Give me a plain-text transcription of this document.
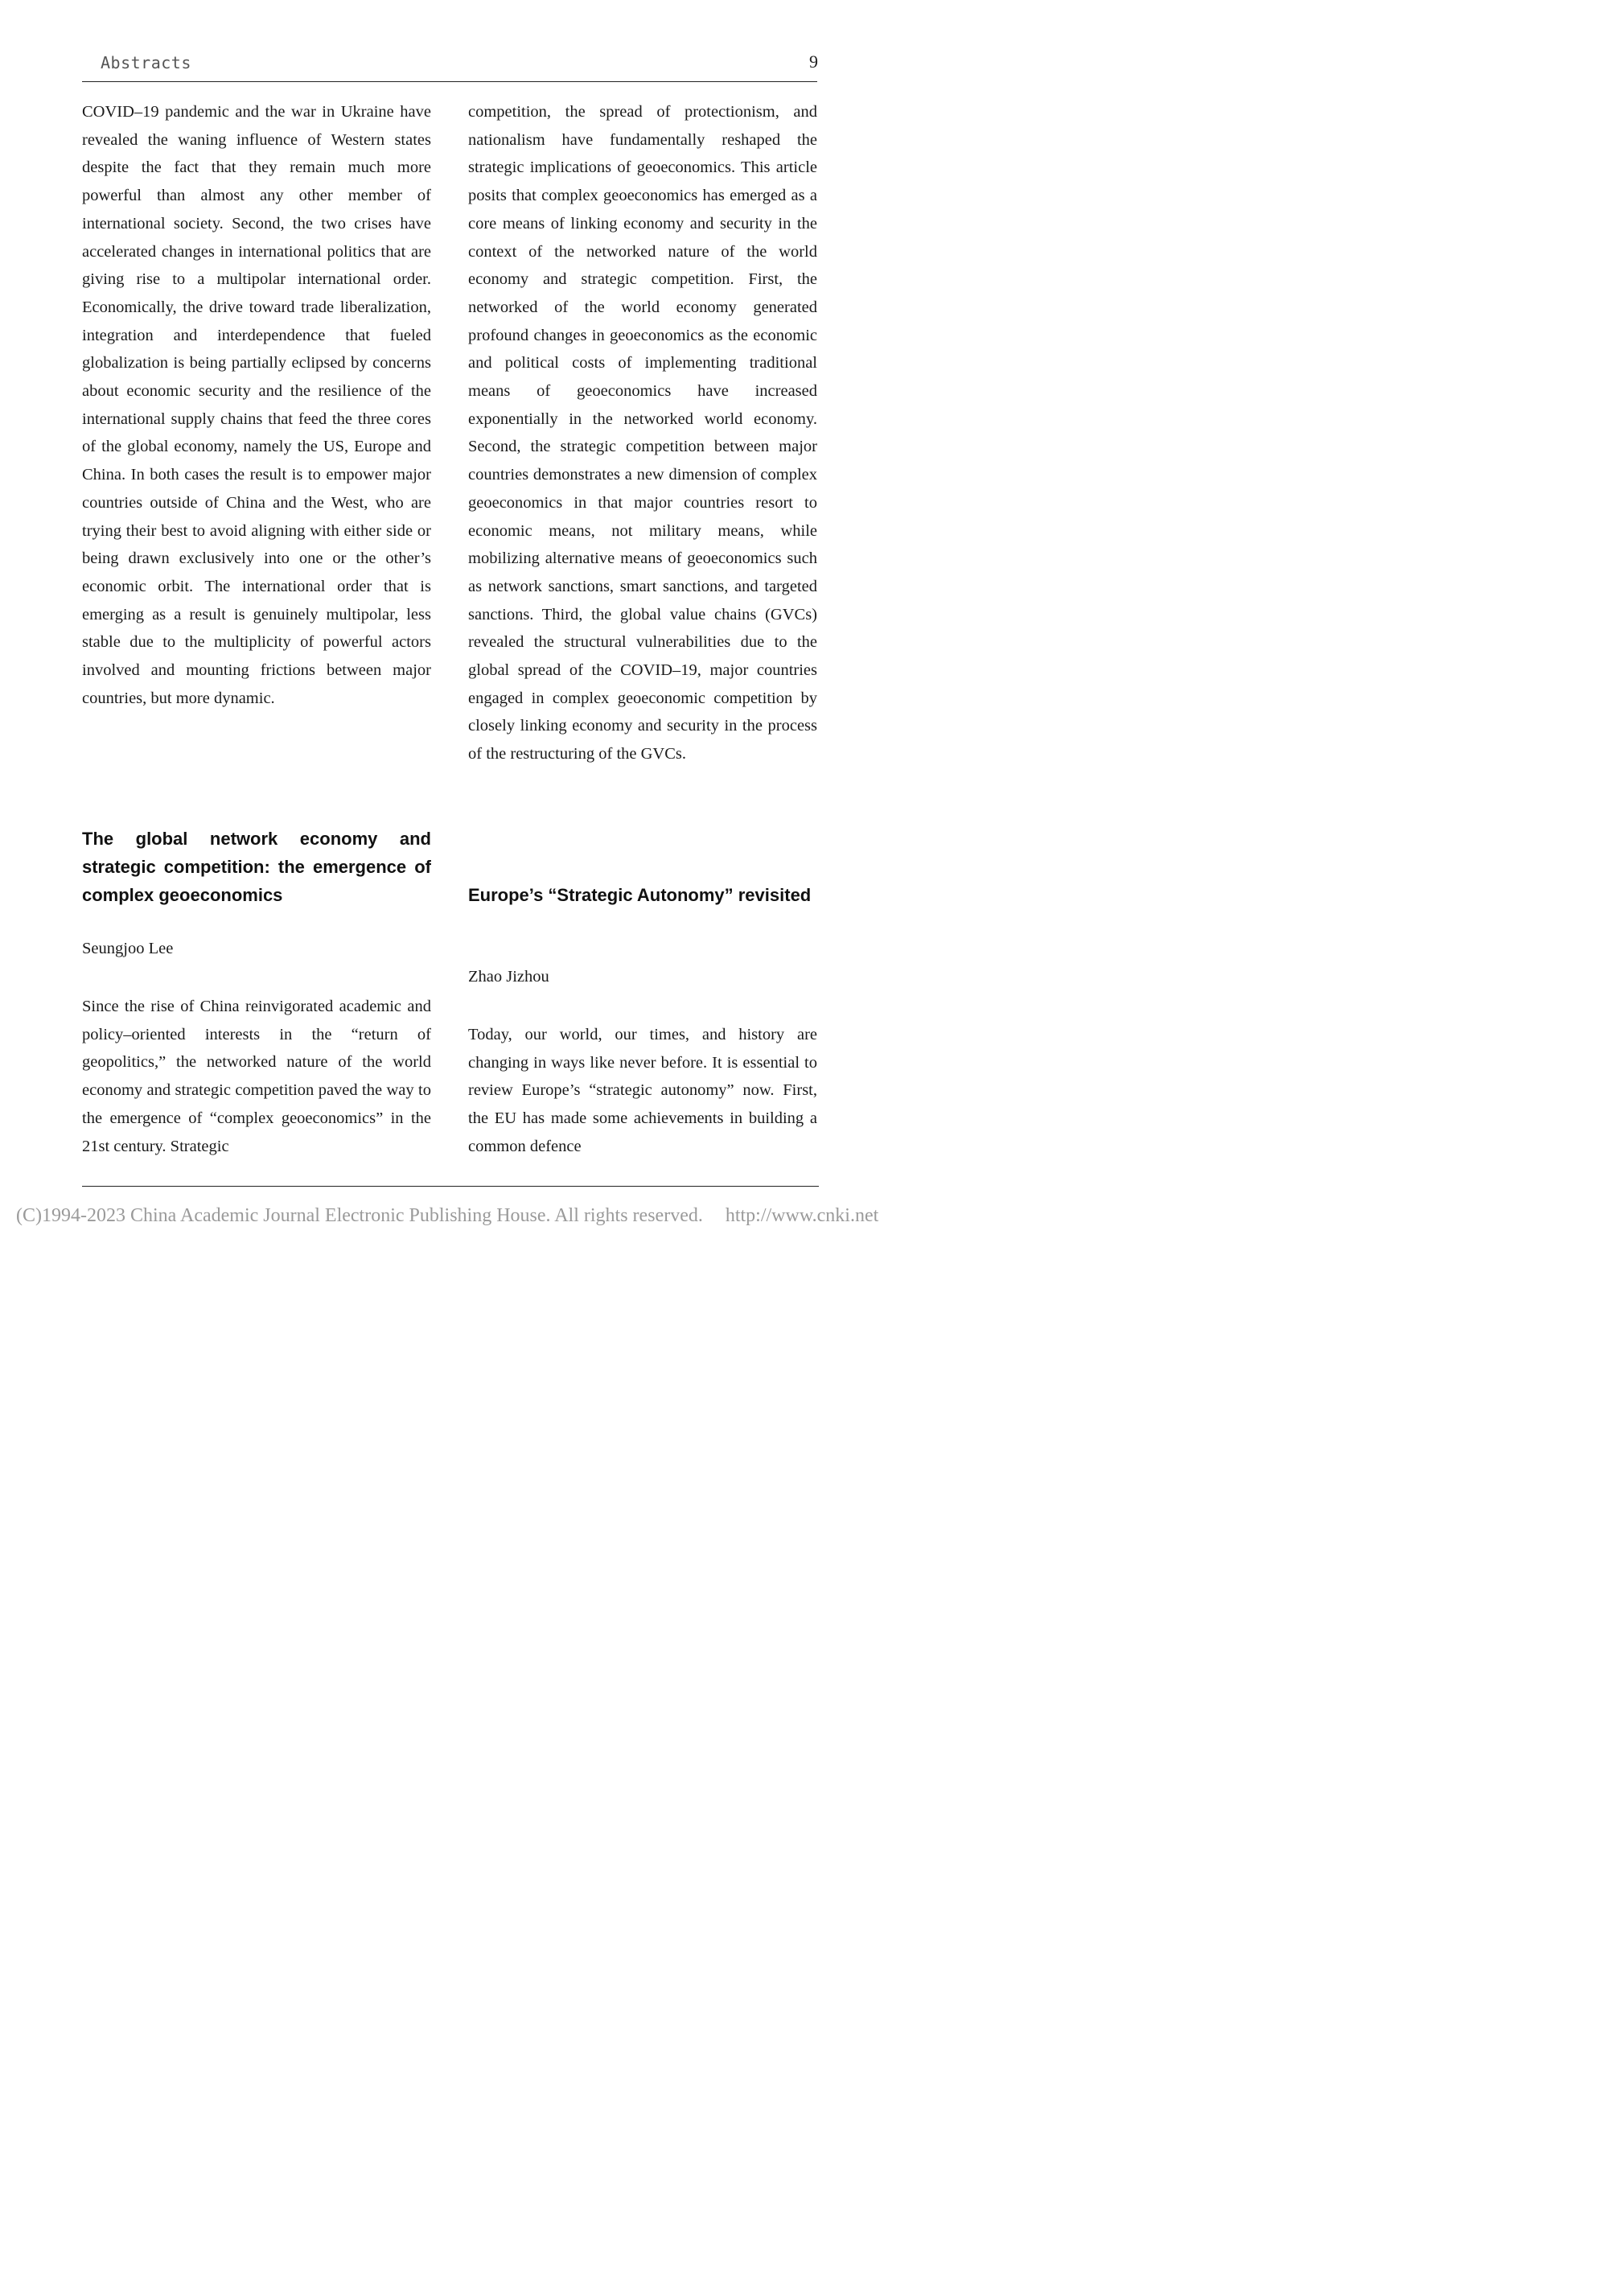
Abstracts	9

COVID–19 pandemic and the war in Ukraine have revealed the waning influence of Western states despite the fact that they remain much more powerful than almost any other member of international society. Second, the two crises have accelerated changes in international politics that are giving rise to a multipolar international order. Economically, the drive toward trade liberalization, integration and interdependence that fueled globalization is being partially eclipsed by concerns about economic security and the resilience of the international supply chains that feed the three cores of the global economy, namely the US, Europe and China. In both cases the result is to empower major countries outside of China and the West, who are trying their best to avoid aligning with either side or being drawn exclusively into one or the other’s economic orbit. The international order that is emerging as a result is genuinely multipolar, less stable due to the multiplicity of powerful actors involved and mounting frictions between major countries, but more dynamic.

The global network economy and strategic competition: the emergence of complex geoeconomics

Seungjoo Lee

Since the rise of China reinvigorated academic and policy–oriented interests in the “return of geopolitics,” the networked nature of the world economy and strategic competition paved the way to the emergence of “complex geoeconomics” in the 21st century. Strategic

competition, the spread of protectionism, and nationalism have fundamentally reshaped the strategic implications of geoeconomics. This article posits that complex geoeconomics has emerged as a core means of linking economy and security in the context of the networked nature of the world economy and strategic competition. First, the networked of the world economy generated profound changes in geoeconomics as the economic and political costs of implementing traditional means of geoeconomics have increased exponentially in the networked world economy. Second, the strategic competition between major countries demonstrates a new dimension of complex geoeconomics in that major countries resort to economic means, not military means, while mobilizing alternative means of geoeconomics such as network sanctions, smart sanctions, and targeted sanctions. Third, the global value chains (GVCs) revealed the structural vulnerabilities due to the global spread of the COVID–19, major countries engaged in complex geoeconomic competition by closely linking economy and security in the process of the restructuring of the GVCs.

Europe’s “Strategic Autonomy” revisited

Zhao Jizhou

Today, our world, our times, and history are changing in ways like never before. It is essential to review Europe’s “strategic autonomy” now. First, the EU has made some achievements in building a common defence

(C)1994-2023 China Academic Journal Electronic Publishing House. All rights reserved. http://www.cnki.net
